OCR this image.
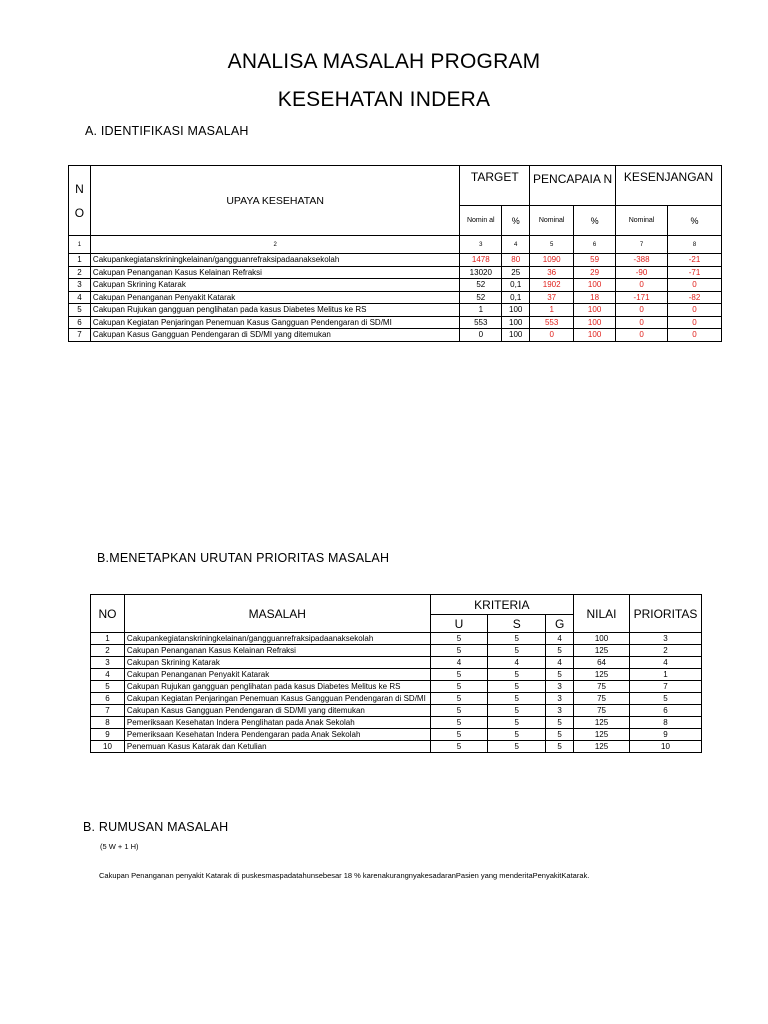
ANALISA MASALAH PROGRAM
KESEHATAN INDERA
A. IDENTIFIKASI MASALAH
N O	UPAYA KESEHATAN	TARGET		PENCAPAIA N		KESENJANGAN	
		Nomin al	%	Nominal	%	Nominal	%
1	2	3	4	5	6	7	8
1	Cakupankegiatanskriningkelainan/gangguanrefraksipadaanaksekolah	1478	80	1090	59	-388	-21
2	Cakupan Penanganan Kasus Kelainan Refraksi	13020	25	36	29	-90	-71
3	Cakupan Skrining Katarak	52	0,1	1902	100	0	0
4	Cakupan Penanganan Penyakit Katarak	52	0,1	37	18	-171	-82
5	Cakupan Rujukan gangguan penglihatan pada kasus Diabetes Melitus ke RS	1	100	1	100	0	0
6	Cakupan Kegiatan Penjaringan Penemuan Kasus Gangguan Pendengaran di SD/MI	553	100	553	100	0	0
7	Cakupan Kasus Gangguan Pendengaran di SD/MI yang ditemukan	0	100	0	100	0	0
B.MENETAPKAN URUTAN PRIORITAS MASALAH
NO	MASALAH	KRITERIA			NILAI	PRIORITAS
		U	S	G		
1	Cakupankegiatanskriningkelainan/gangguanrefraksipadaanaksekolah	5	5	4	100	3
2	Cakupan Penanganan Kasus Kelainan Refraksi	5	5	5	125	2
3	Cakupan Skrining Katarak	4	4	4	64	4
4	Cakupan Penanganan Penyakit Katarak	5	5	5	125	1
5	Cakupan Rujukan gangguan penglihatan pada kasus Diabetes Melitus ke RS	5	5	3	75	7
6	Cakupan Kegiatan Penjaringan Penemuan Kasus Gangguan Pendengaran di SD/MI	5	5	3	75	5
7	Cakupan Kasus Gangguan Pendengaran di SD/MI yang ditemukan	5	5	3	75	6
8	Pemeriksaan Kesehatan Indera Penglihatan pada Anak Sekolah	5	5	5	125	8
9	Pemeriksaan Kesehatan Indera Pendengaran pada Anak Sekolah	5	5	5	125	9
10	Penemuan Kasus Katarak dan Ketulian	5	5	5	125	10
B. RUMUSAN MASALAH
(5 W + 1 H)
Cakupan Penanganan penyakit Katarak di puskesmaspadatahunsebesar 18 % karenakurangnyakesadaranPasien yang menderitaPenyakitKatarak.
